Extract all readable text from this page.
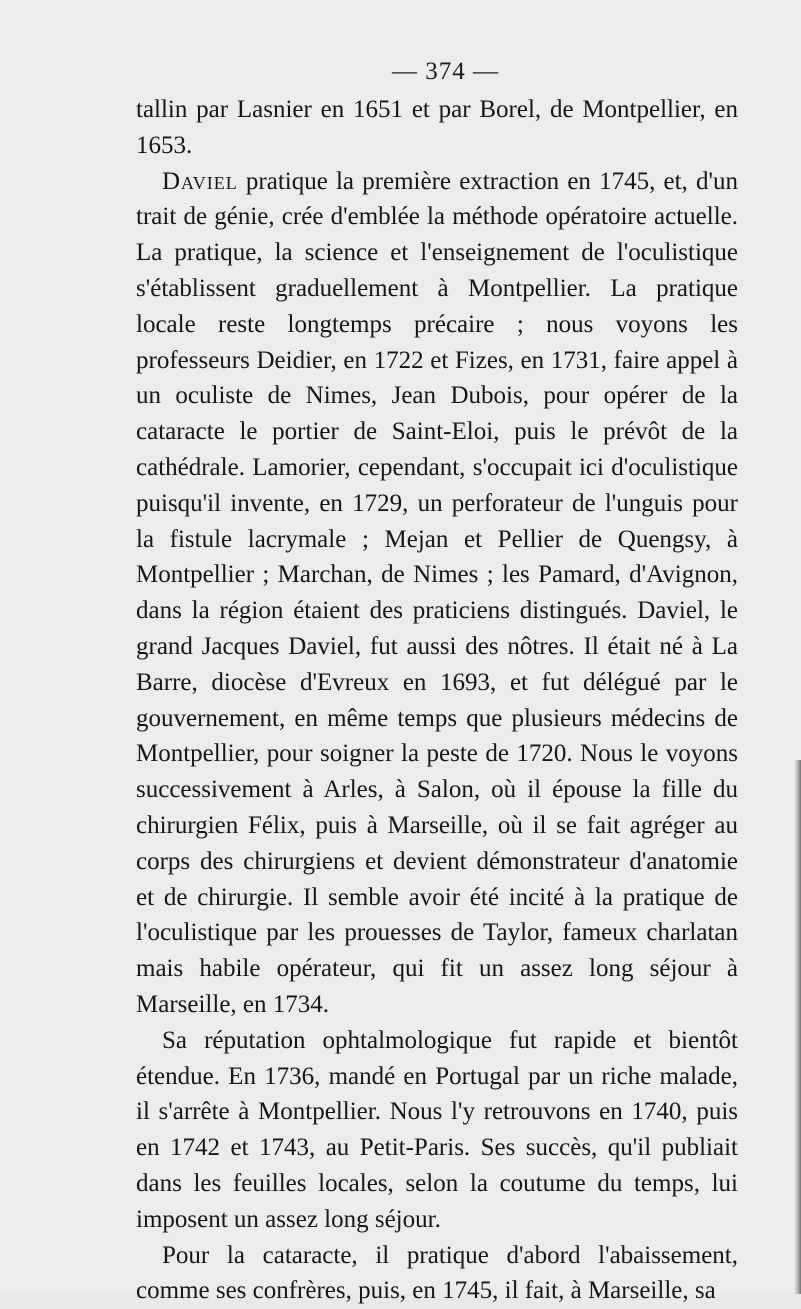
— 374 —

tallin par Lasnier en 1651 et par Borel, de Montpellier, en 1653.

Daviel pratique la première extraction en 1745, et, d'un trait de génie, crée d'emblée la méthode opératoire actuelle. La pratique, la science et l'enseignement de l'oculistique s'établissent graduellement à Montpellier. La pratique locale reste longtemps précaire ; nous voyons les professeurs Deidier, en 1722 et Fizes, en 1731, faire appel à un oculiste de Nimes, Jean Dubois, pour opérer de la cataracte le portier de Saint-Eloi, puis le prévôt de la cathédrale. Lamorier, cependant, s'occupait ici d'oculistique puisqu'il invente, en 1729, un perforateur de l'unguis pour la fistule lacrymale ; Mejan et Pellier de Quengsy, à Montpellier ; Marchan, de Nimes ; les Pamard, d'Avignon, dans la région étaient des praticiens distingués. Daviel, le grand Jacques Daviel, fut aussi des nôtres. Il était né à La Barre, diocèse d'Evreux en 1693, et fut délégué par le gouvernement, en même temps que plusieurs médecins de Montpellier, pour soigner la peste de 1720. Nous le voyons successivement à Arles, à Salon, où il épouse la fille du chirurgien Félix, puis à Marseille, où il se fait agréger au corps des chirurgiens et devient démonstrateur d'anatomie et de chirurgie. Il semble avoir été incité à la pratique de l'oculistique par les prouesses de Taylor, fameux charlatan mais habile opérateur, qui fit un assez long séjour à Marseille, en 1734.

Sa réputation ophtalmologique fut rapide et bientôt étendue. En 1736, mandé en Portugal par un riche malade, il s'arrête à Montpellier. Nous l'y retrouvons en 1740, puis en 1742 et 1743, au Petit-Paris. Ses succès, qu'il publiait dans les feuilles locales, selon la coutume du temps, lui imposent un assez long séjour.

Pour la cataracte, il pratique d'abord l'abaissement, comme ses confrères, puis, en 1745, il fait, à Marseille, sa
